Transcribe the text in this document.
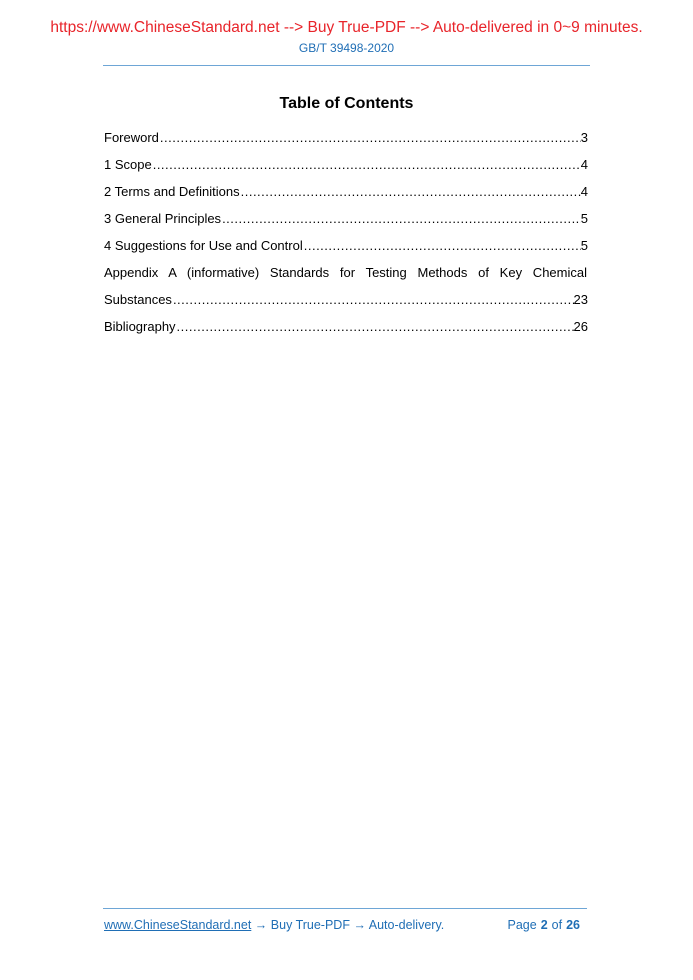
https://www.ChineseStandard.net --> Buy True-PDF --> Auto-delivered in 0~9 minutes.
GB/T 39498-2020
Table of Contents
Foreword .....	3
1 Scope .....	4
2 Terms and Definitions .....	4
3 General Principles .....	5
4 Suggestions for Use and Control .....	5
Appendix A (informative) Standards for Testing Methods of Key Chemical
Substances .....	23
Bibliography .....	26
www.ChineseStandard.net → Buy True-PDF → Auto-delivery.	Page 2 of 26
